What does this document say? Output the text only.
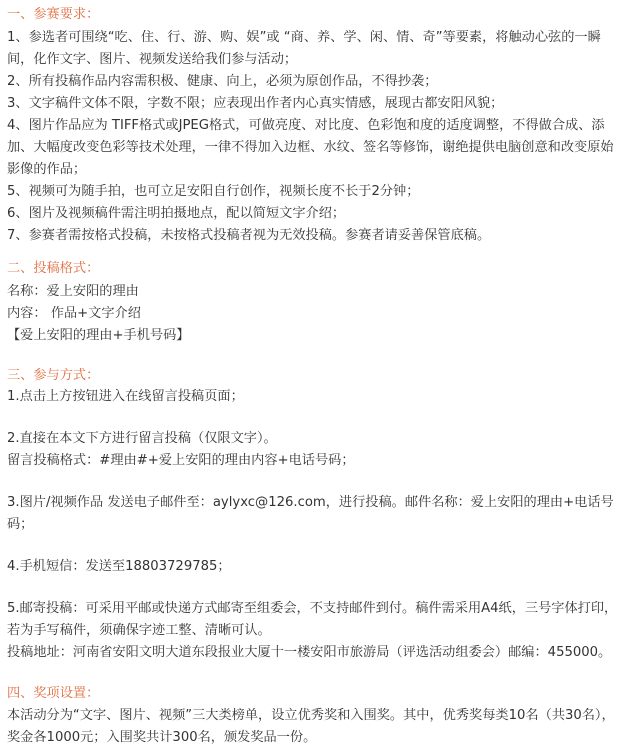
一、参赛要求：
1、参选者可围绕“吃、住、行、游、购、娱”或 “商、养、学、闲、情、奇”等要素，将触动心弦的一瞬
间，化作文字、图片、视频发送给我们参与活动；
2、所有投稿作品内容需积极、健康、向上，必须为原创作品，不得抄袭；
3、文字稿件文体不限，字数不限；应表现出作者内心真实情感，展现古都安阳风貌；
4、图片作品应为 TIFF格式或JPEG格式，可做亮度、对比度、色彩饱和度的适度调整，不得做合成、添
加、大幅度改变色彩等技术处理，一律不得加入边框、水纹、签名等修饰，谢绝提供电脑创意和改变原始
影像的作品；
5、视频可为随手拍，也可立足安阳自行创作，视频长度不长于2分钟；
6、图片及视频稿件需注明拍摄地点，配以简短文字介绍；
7、参赛者需按格式投稿，未按格式投稿者视为无效投稿。参赛者请妥善保管底稿。
二、投稿格式：
名称：爱上安阳的理由
内容： 作品+文字介绍
【爱上安阳的理由+手机号码】
三、参与方式：
1.点击上方按钮进入在线留言投稿页面；
2.直接在本文下方进行留言投稿（仅限文字）。
留言投稿格式：#理由#+爱上安阳的理由内容+电话号码；
3.图片/视频作品 发送电子邮件至：aylyxc@126.com，进行投稿。邮件名称：爱上安阳的理由+电话号
码；
4.手机短信：发送至18803729785；
5.邮寄投稿：可采用平邮或快递方式邮寄至组委会，不支持邮件到付。稿件需采用A4纸，三号字体打印，
若为手写稿件，须确保字迹工整、清晰可认。
投稿地址：河南省安阳文明大道东段报业大厦十一楼安阳市旅游局（评选活动组委会）邮编：455000。
四、奖项设置：
本活动分为“文字、图片、视频”三大类榜单，设立优秀奖和入围奖。其中，优秀奖每类10名（共30名），
奖金各1000元；入围奖共计300名，颁发奖品一份。
